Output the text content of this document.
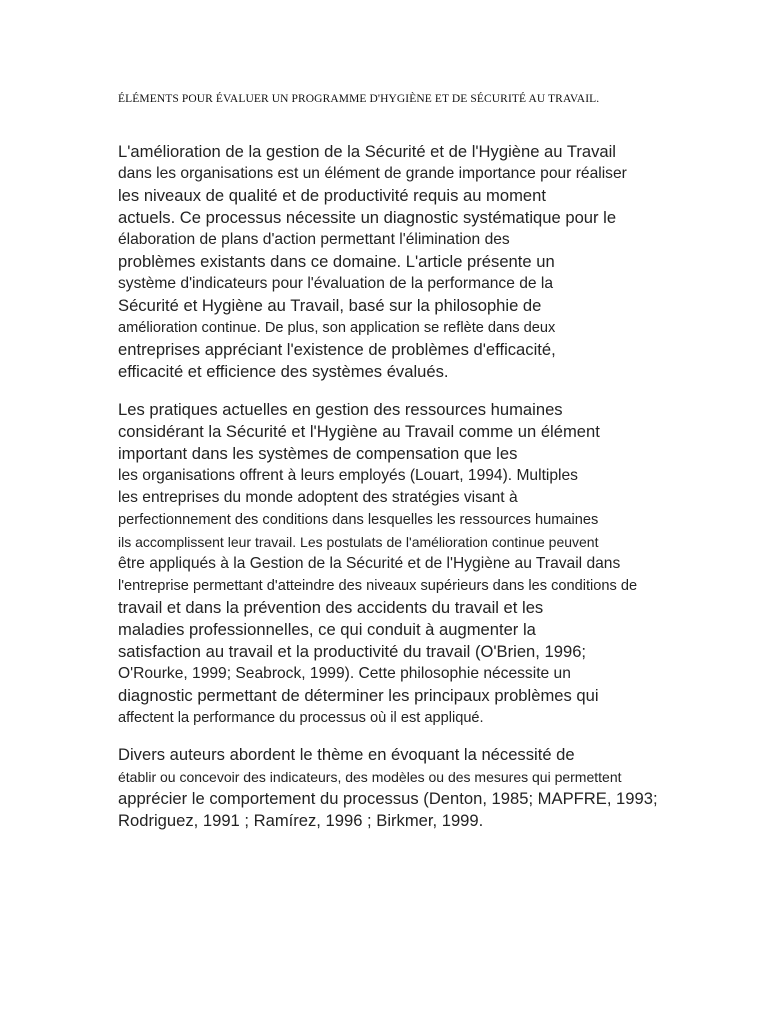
ÉLÉMENTS POUR ÉVALUER UN PROGRAMME D'HYGIÈNE ET DE SÉCURITÉ AU TRAVAIL.
L'amélioration de la gestion de la Sécurité et de l'Hygiène au Travail
dans les organisations est un élément de grande importance pour réaliser
les niveaux de qualité et de productivité requis au moment
actuels. Ce processus nécessite un diagnostic systématique pour le
élaboration de plans d'action permettant l'élimination des
problèmes existants dans ce domaine. L'article présente un
système d'indicateurs pour l'évaluation de la performance de la
Sécurité et Hygiène au Travail, basé sur la philosophie de
amélioration continue. De plus, son application se reflète dans deux
entreprises appréciant l'existence de problèmes d'efficacité,
efficacité et efficience des systèmes évalués.
Les pratiques actuelles en gestion des ressources humaines
considérant la Sécurité et l'Hygiène au Travail comme un élément
important dans les systèmes de compensation que les
les organisations offrent à leurs employés (Louart, 1994). Multiples
les entreprises du monde adoptent des stratégies visant à
perfectionnement des conditions dans lesquelles les ressources humaines
ils accomplissent leur travail. Les postulats de l'amélioration continue peuvent
être appliqués à la Gestion de la Sécurité et de l'Hygiène au Travail dans
l'entreprise permettant d'atteindre des niveaux supérieurs dans les conditions de
travail et dans la prévention des accidents du travail et les
maladies professionnelles, ce qui conduit à augmenter la
satisfaction au travail et la productivité du travail (O'Brien, 1996;
O'Rourke, 1999; Seabrock, 1999). Cette philosophie nécessite un
diagnostic permettant de déterminer les principaux problèmes qui
affectent la performance du processus où il est appliqué.
Divers auteurs abordent le thème en évoquant la nécessité de
établir ou concevoir des indicateurs, des modèles ou des mesures qui permettent
apprécier le comportement du processus (Denton, 1985; MAPFRE, 1993;
Rodriguez, 1991 ; Ramírez, 1996 ; Birkmer, 1999.
